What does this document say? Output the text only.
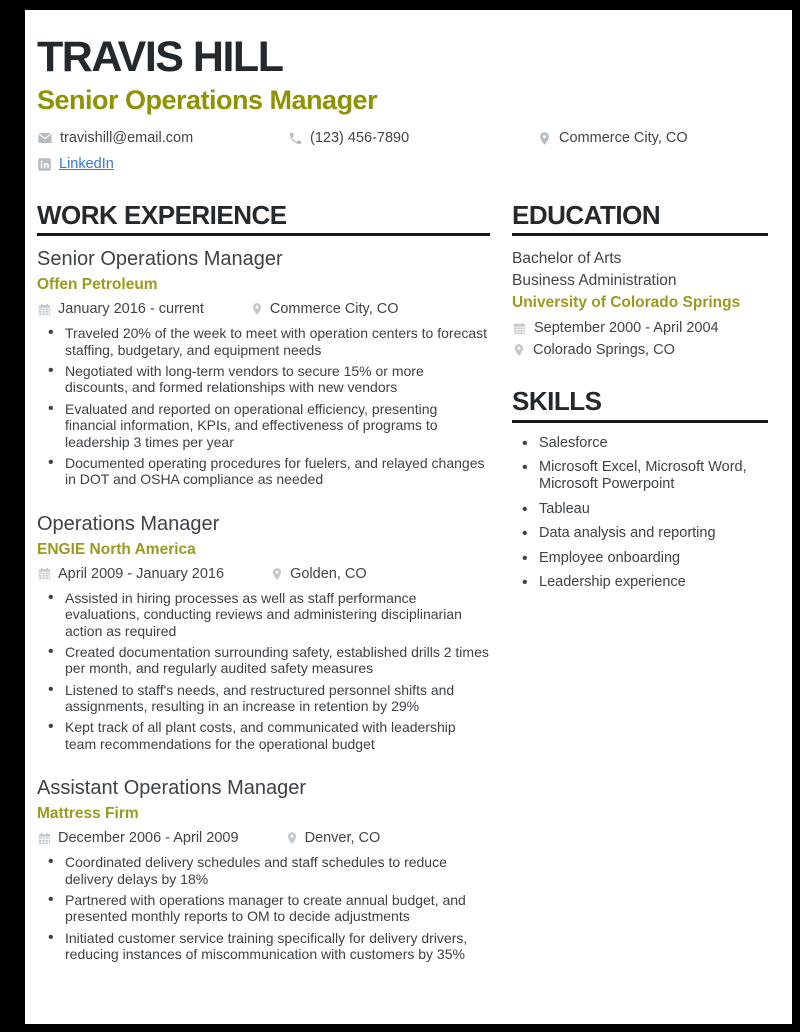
TRAVIS HILL
Senior Operations Manager
travishill@email.com	(123) 456-7890	Commerce City, CO
LinkedIn
WORK EXPERIENCE
Senior Operations Manager
Offen Petroleum
January 2016 - current	Commerce City, CO
• Traveled 20% of the week to meet with operation centers to forecast staffing, budgetary, and equipment needs
• Negotiated with long-term vendors to secure 15% or more discounts, and formed relationships with new vendors
• Evaluated and reported on operational efficiency, presenting financial information, KPIs, and effectiveness of programs to leadership 3 times per year
• Documented operating procedures for fuelers, and relayed changes in DOT and OSHA compliance as needed
Operations Manager
ENGIE North America
April 2009 - January 2016	Golden, CO
• Assisted in hiring processes as well as staff performance evaluations, conducting reviews and administering disciplinarian action as required
• Created documentation surrounding safety, established drills 2 times per month, and regularly audited safety measures
• Listened to staff's needs, and restructured personnel shifts and assignments, resulting in an increase in retention by 29%
• Kept track of all plant costs, and communicated with leadership team recommendations for the operational budget
Assistant Operations Manager
Mattress Firm
December 2006 - April 2009	Denver, CO
• Coordinated delivery schedules and staff schedules to reduce delivery delays by 18%
• Partnered with operations manager to create annual budget, and presented monthly reports to OM to decide adjustments
• Initiated customer service training specifically for delivery drivers, reducing instances of miscommunication with customers by 35%
EDUCATION
Bachelor of Arts
Business Administration
University of Colorado Springs
September 2000 - April 2004
Colorado Springs, CO
SKILLS
• Salesforce
• Microsoft Excel, Microsoft Word, Microsoft Powerpoint
• Tableau
• Data analysis and reporting
• Employee onboarding
• Leadership experience
